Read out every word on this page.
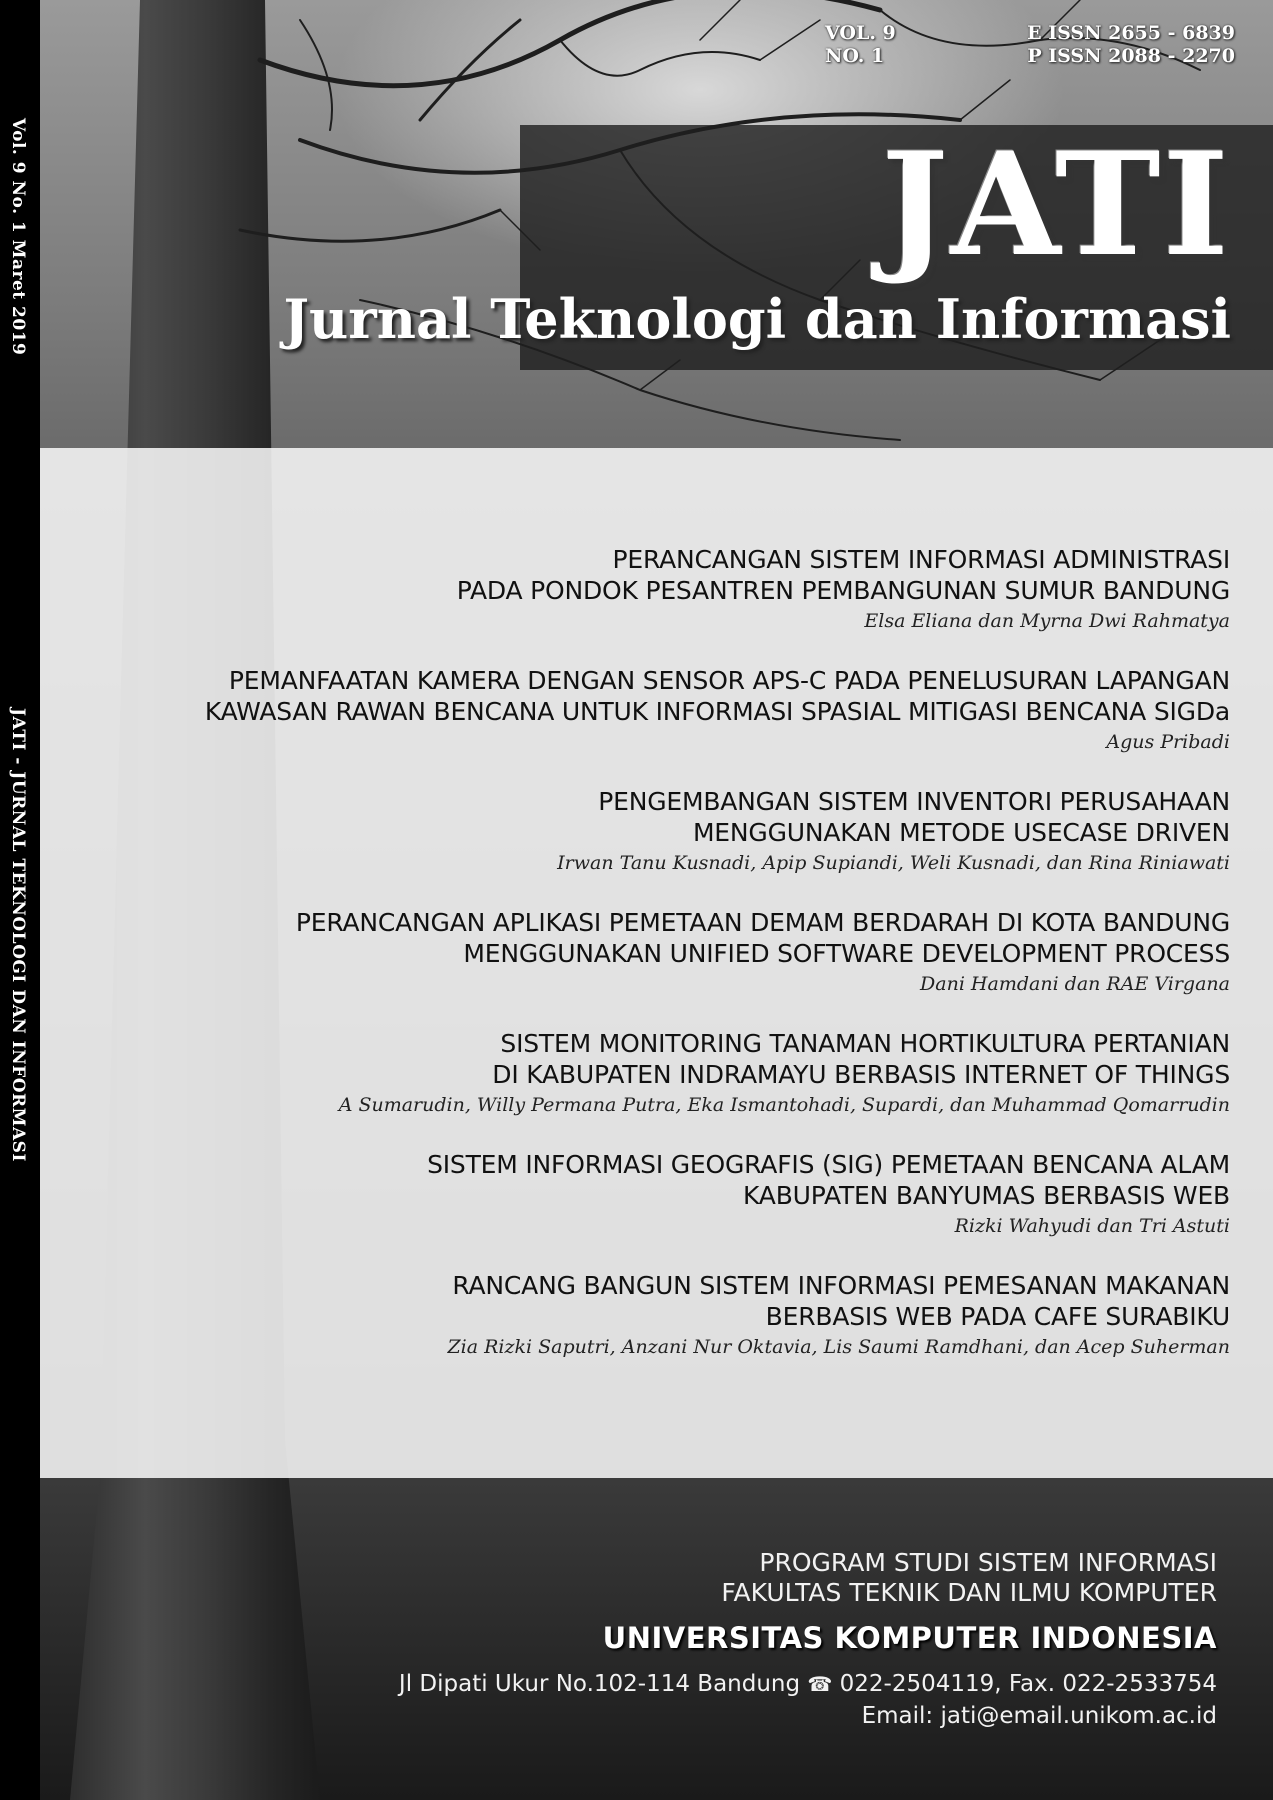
Vol. 9 No. 1 Maret 2019
JATI - JURNAL TEKNOLOGI DAN INFORMASI
VOL. 9	E ISSN 2655 - 6839
NO. 1	P ISSN 2088 - 2270
JATI
Jurnal Teknologi dan Informasi

PERANCANGAN SISTEM INFORMASI ADMINISTRASI

PADA PONDOK PESANTREN PEMBANGUNAN SUMUR BANDUNG

Elsa Eliana dan Myrna Dwi Rahmatya

PEMANFAATAN KAMERA DENGAN SENSOR APS-C PADA PENELUSURAN LAPANGAN

KAWASAN RAWAN BENCANA UNTUK INFORMASI SPASIAL MITIGASI BENCANA SIGDa

Agus Pribadi

PENGEMBANGAN SISTEM INVENTORI PERUSAHAAN

MENGGUNAKAN METODE USECASE DRIVEN

Irwan Tanu Kusnadi, Apip Supiandi, Weli Kusnadi, dan Rina Riniawati

PERANCANGAN APLIKASI PEMETAAN DEMAM BERDARAH DI KOTA BANDUNG

MENGGUNAKAN UNIFIED SOFTWARE DEVELOPMENT PROCESS

Dani Hamdani dan RAE Virgana

SISTEM MONITORING TANAMAN HORTIKULTURA PERTANIAN

DI KABUPATEN INDRAMAYU BERBASIS INTERNET OF THINGS

A Sumarudin, Willy Permana Putra, Eka Ismantohadi, Supardi, dan Muhammad Qomarrudin

SISTEM INFORMASI GEOGRAFIS (SIG) PEMETAAN BENCANA ALAM

KABUPATEN BANYUMAS BERBASIS WEB

Rizki Wahyudi dan Tri Astuti

RANCANG BANGUN SISTEM INFORMASI PEMESANAN MAKANAN

BERBASIS WEB PADA CAFE SURABIKU

Zia Rizki Saputri, Anzani Nur Oktavia, Lis Saumi Ramdhani, dan Acep Suherman

PROGRAM STUDI SISTEM INFORMASI
FAKULTAS TEKNIK DAN ILMU KOMPUTER
UNIVERSITAS KOMPUTER INDONESIA
Jl Dipati Ukur No.102-114 Bandung ☎ 022-2504119, Fax. 022-2533754
Email: jati@email.unikom.ac.id
